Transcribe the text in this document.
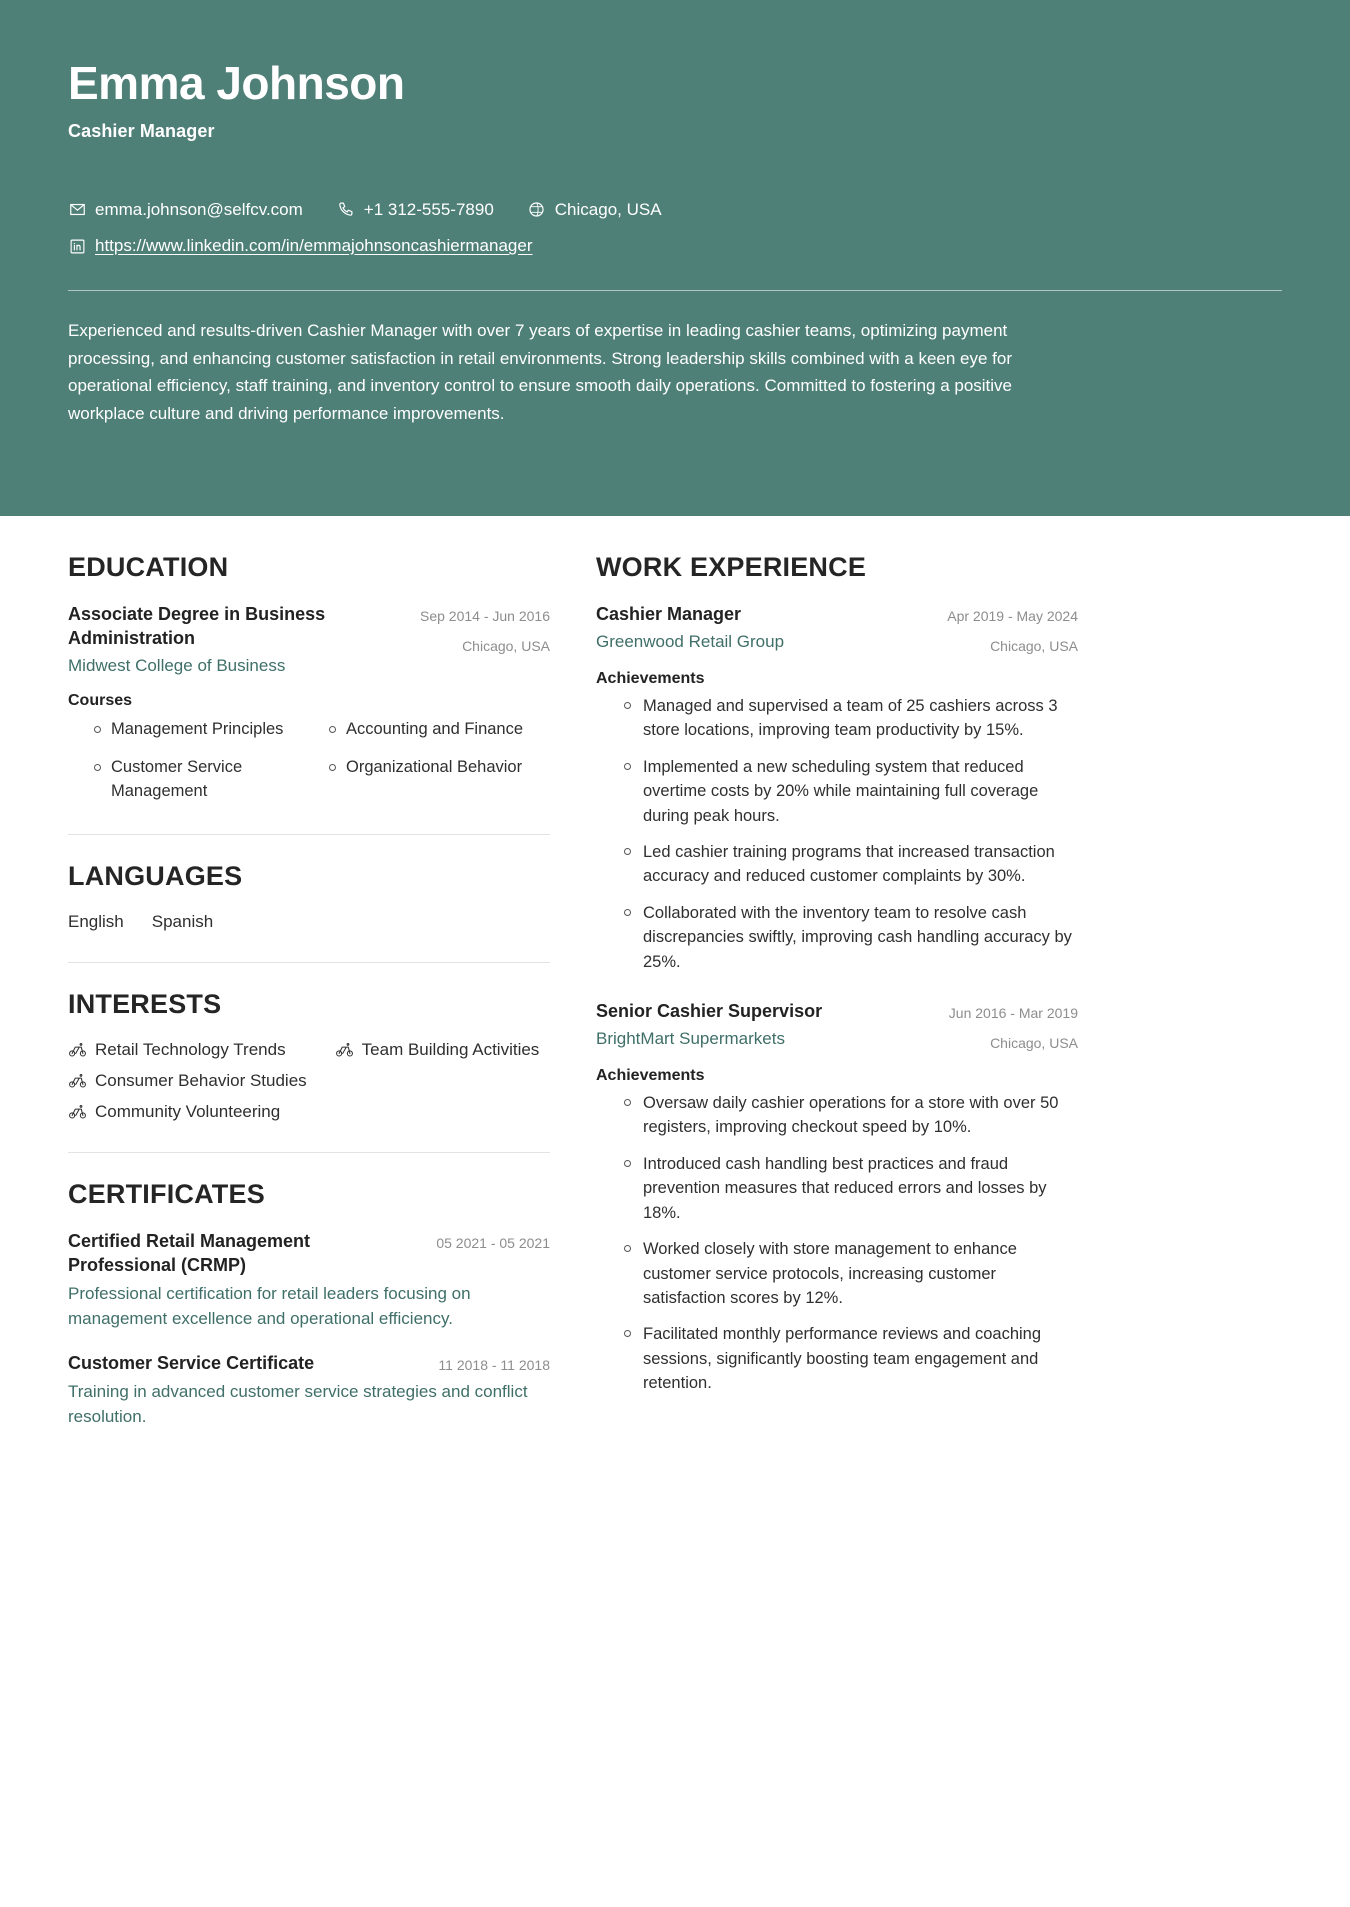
Emma Johnson
Cashier Manager
emma.johnson@selfcv.com	+1 312-555-7890	Chicago, USA
https://www.linkedin.com/in/emmajohnsoncashiermanager
Experienced and results-driven Cashier Manager with over 7 years of expertise in leading cashier teams, optimizing payment processing, and enhancing customer satisfaction in retail environments. Strong leadership skills combined with a keen eye for operational efficiency, staff training, and inventory control to ensure smooth daily operations. Committed to fostering a positive workplace culture and driving performance improvements.
EDUCATION
Associate Degree in Business Administration
Midwest College of Business
Sep 2014 - Jun 2016
Chicago, USA
Courses
Management Principles	Accounting and Finance
Customer Service Management
Organizational Behavior
LANGUAGES
English Spanish
INTERESTS
Retail Technology Trends	Team Building Activities
Consumer Behavior Studies
Community Volunteering
CERTIFICATES
Certified Retail Management Professional (CRMP)
05 2021 - 05 2021
Professional certification for retail leaders focusing on management excellence and operational efficiency.
Customer Service Certificate	11 2018 - 11 2018
Training in advanced customer service strategies and conflict resolution.
WORK EXPERIENCE
Cashier Manager
Greenwood Retail Group
Apr 2019 - May 2024
Chicago, USA
Achievements
Managed and supervised a team of 25 cashiers across 3 store locations, improving team productivity by 15%.
Implemented a new scheduling system that reduced overtime costs by 20% while maintaining full coverage during peak hours.
Led cashier training programs that increased transaction accuracy and reduced customer complaints by 30%.
Collaborated with the inventory team to resolve cash discrepancies swiftly, improving cash handling accuracy by 25%.
Senior Cashier Supervisor
BrightMart Supermarkets
Jun 2016 - Mar 2019
Chicago, USA
Achievements
Oversaw daily cashier operations for a store with over 50 registers, improving checkout speed by 10%.
Introduced cash handling best practices and fraud prevention measures that reduced errors and losses by 18%.
Worked closely with store management to enhance customer service protocols, increasing customer satisfaction scores by 12%.
Facilitated monthly performance reviews and coaching sessions, significantly boosting team engagement and retention.
